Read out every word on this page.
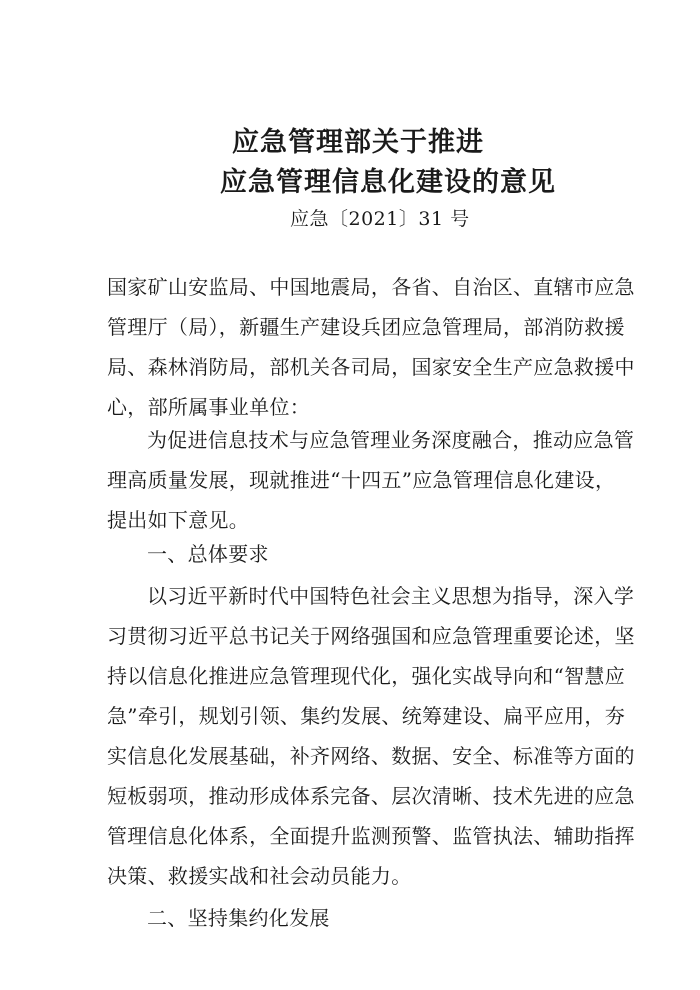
应急管理部关于推进
应急管理信息化建设的意见
应急〔2021〕31 号
国家矿山安监局、中国地震局，各省、自治区、直辖市应急
管理厅（局），新疆生产建设兵团应急管理局，部消防救援
局、森林消防局，部机关各司局，国家安全生产应急救援中
心，部所属事业单位：
为促进信息技术与应急管理业务深度融合，推动应急管
理高质量发展，现就推进“十四五”应急管理信息化建设，
提出如下意见。
一、总体要求
以习近平新时代中国特色社会主义思想为指导，深入学
习贯彻习近平总书记关于网络强国和应急管理重要论述，坚
持以信息化推进应急管理现代化，强化实战导向和“智慧应
急”牵引，规划引领、集约发展、统筹建设、扁平应用，夯
实信息化发展基础，补齐网络、数据、安全、标准等方面的
短板弱项，推动形成体系完备、层次清晰、技术先进的应急
管理信息化体系，全面提升监测预警、监管执法、辅助指挥
决策、救援实战和社会动员能力。
二、坚持集约化发展
